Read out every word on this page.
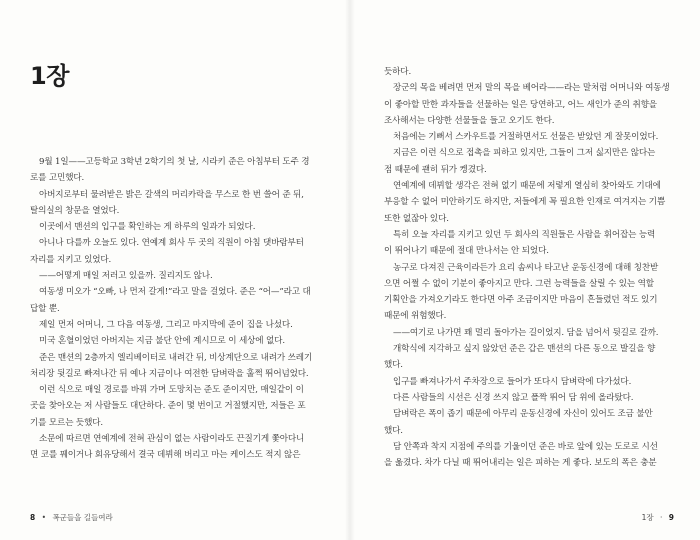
1장
9월 1일——고등학교 3학년 2학기의 첫 날, 시라키 준은 아침부터 도주 경
로를 고민했다.
아버지로부터 물려받은 밝은 갈색의 머리카락을 무스로 한 번 쓸어 준 뒤,
탈의실의 창문을 열었다.
이곳에서 맨션의 입구를 확인하는 게 하루의 일과가 되었다.
아니나 다를까 오늘도 있다. 연예계 회사 두 곳의 직원이 아침 댓바람부터
자리를 지키고 있었다.
——어떻게 매일 저러고 있을까. 질리지도 않나.
여동생 미오가 “오빠, 나 먼저 갈게!”라고 말을 걸었다. 준은 “어—”라고 대
답할 뿐.
제일 먼저 어머니, 그 다음 여동생, 그리고 마지막에 준이 집을 나섰다.
미국 혼혈이었던 아버지는 지금 불단 안에 계시므로 이 세상에 없다.
준은 맨션의 2층까지 엘리베이터로 내려간 뒤, 비상계단으로 내려가 쓰레기
처리장 뒷길로 빠져나간 뒤 예나 지금이나 여전한 담벼락을 훌쩍 뛰어넘었다.
이런 식으로 매일 경로를 바꿔 가며 도망치는 준도 준이지만, 매일같이 이
곳을 찾아오는 저 사람들도 대단하다. 준이 몇 번이고 거절했지만, 저들은 포
기를 모르는 듯했다.
소문에 따르면 연예계에 전혀 관심이 없는 사람이라도 끈질기게 쫓아다니
면 코를 꿰이거나 회유당해서 결국 데뷔해 버리고 마는 케이스도 적지 않은
8 • 폭군들을 길들여라
듯하다.
장군의 목을 베려면 먼저 말의 목을 베어라——라는 말처럼 어머니와 여동생
이 좋아할 만한 과자들을 선물하는 일은 당연하고, 어느 새인가 준의 취향을
조사해서는 다양한 선물들을 들고 오기도 한다.
처음에는 기뻐서 스카우트를 거절하면서도 선물은 받았던 게 잘못이었다.
지금은 이런 식으로 접촉을 피하고 있지만, 그들이 그저 싫지만은 않다는
점 때문에 괜히 뒤가 켕겼다.
연예계에 데뷔할 생각은 전혀 없기 때문에 저렇게 열심히 찾아와도 기대에
부응할 수 없어 미안하기도 하지만, 저들에게 꼭 필요한 인재로 여겨지는 기쁨
또한 없잖아 있다.
특히 오늘 자리를 지키고 있던 두 회사의 직원들은 사람을 휘어잡는 능력
이 뛰어나기 때문에 절대 만나서는 안 되었다.
농구로 다져진 근육이라든가 요리 솜씨나 타고난 운동신경에 대해 칭찬받
으면 어쩔 수 없이 기분이 좋아지고 만다. 그런 능력들을 살릴 수 있는 역할
기획안을 가져오기라도 한다면 아주 조금이지만 마음이 흔들렸던 적도 있기
때문에 위험했다.
——여기로 나가면 꽤 멀리 돌아가는 길이었지. 담을 넘어서 뒷길로 갈까.
개학식에 지각하고 싶지 않았던 준은 갑은 맨션의 다른 동으로 발길을 향
했다.
입구를 빠져나가서 주차장으로 들어가 또다시 담벼락에 다가섰다.
다른 사람들의 시선은 신경 쓰지 않고 폴짝 뛰어 담 위에 올라탔다.
담벼락은 폭이 좁기 때문에 아무리 운동신경에 자신이 있어도 조금 불안
했다.
담 안쪽과 착지 지점에 주의를 기울이던 준은 바로 앞에 있는 도로로 시선
을 옮겼다. 차가 다닐 때 뛰어내리는 일은 피하는 게 좋다. 보도의 폭은 충분
1장 · 9
